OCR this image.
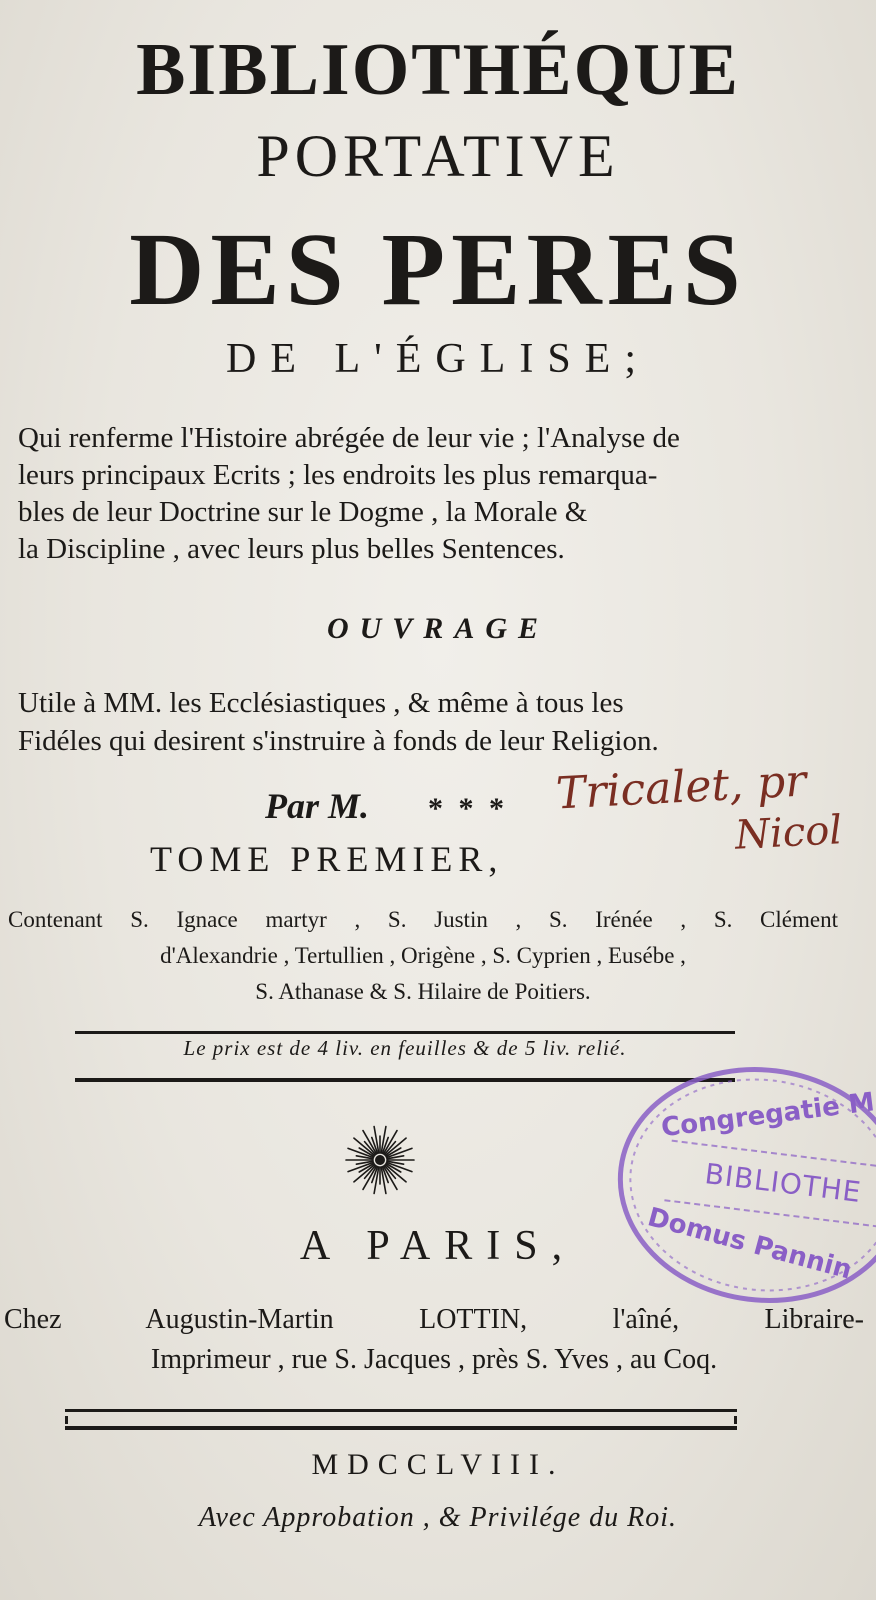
BIBLIOTHÉQUE
PORTATIVE
DES PERES
DE L'ÉGLISE;
Qui renferme l'Histoire abrégée de leur vie ; l'Analyse de
leurs principaux Ecrits ; les endroits les plus remarqua-
bles de leur Doctrine sur le Dogme , la Morale &
la Discipline , avec leurs plus belles Sentences.
OUVRAGE
Utile à MM. les Ecclésiastiques , & même à tous les
Fidéles qui desirent s'instruire à fonds de leur Religion.
Par M. * * * Tricalet, pr
Nicol
TOME PREMIER,
Contenant S. Ignace martyr , S. Justin , S. Irénée , S. Clément
d'Alexandrie , Tertullien , Origène , S. Cyprien , Eusébe ,
S. Athanase & S. Hilaire de Poitiers.
Le prix est de 4 liv. en feuilles & de 5 liv. relié.
A PARIS,
Chez Augustin-Martin LOTTIN, l'aîné, Libraire-
Imprimeur , rue S. Jacques , près S. Yves , au Coq.
MDCCLVIII.
Avec Approbation , & Privilége du Roi.
Congregatie M
BIBLIOTHE
Domus Pannin
